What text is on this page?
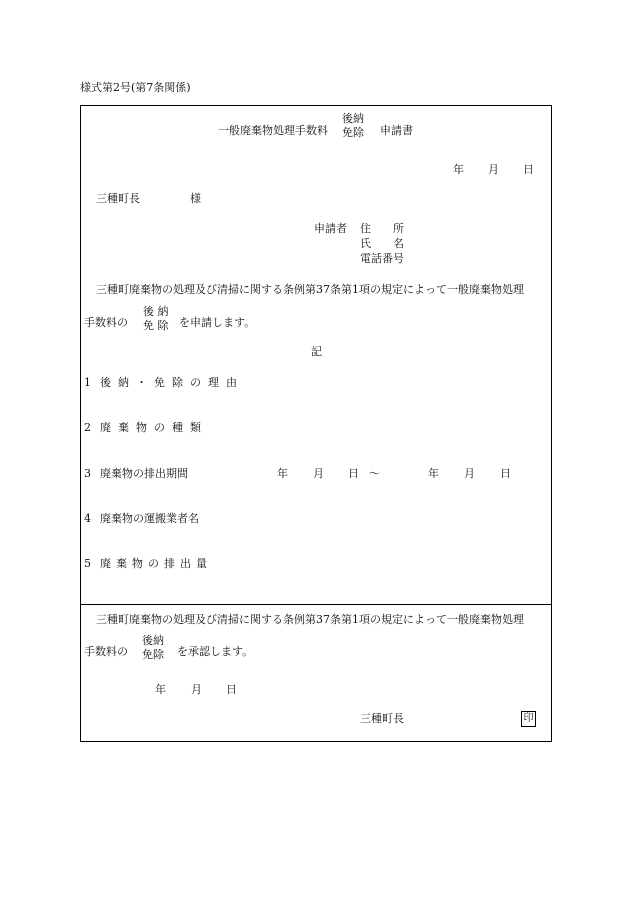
様式第2号(第7条関係)
一般廃棄物処理手数料
後納
免除 申請書
年 月 日
三種町長	様
申請者 住　　所
氏　　名
電話番号
三種町廃棄物の処理及び清掃に関する条例第37条第1項の規定によって一般廃棄物処理
手数料の
後 納
免 除 を申請します。
記
1 後納・免除の理由
2 廃棄物の種類
3 廃棄物の排出期間	年 月 日 ～	年 月 日
4 廃棄物の運搬業者名
5 廃棄物の排出量
三種町廃棄物の処理及び清掃に関する条例第37条第1項の規定によって一般廃棄物処理
手数料の
後納
免除 を承認します。
年 月 日
三種町長	印
